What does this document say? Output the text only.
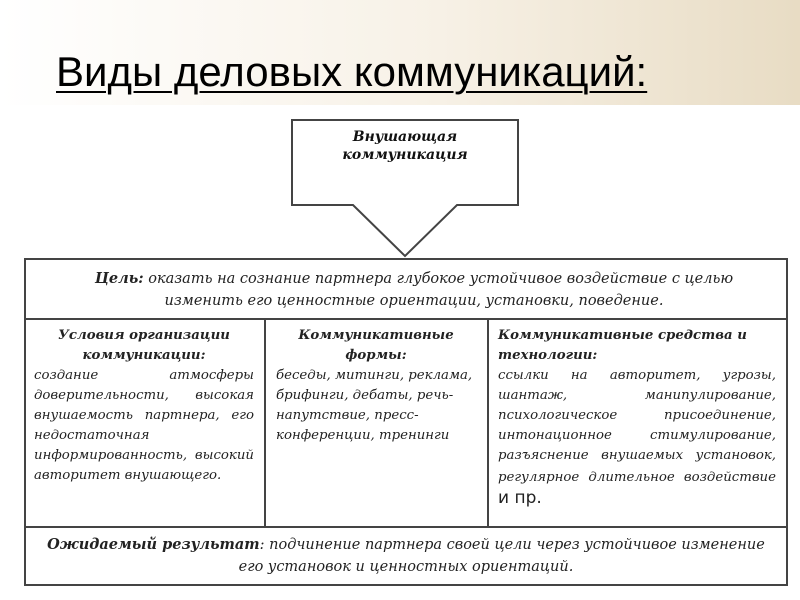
Виды деловых коммуникаций:
Внушающая
коммуникация
Цель: оказать на сознание партнера глубокое устойчивое воздействие с целью изменить его ценностные ориентации, установки, поведение.
Условия организации коммуникации:
создание атмосферы доверительности, высокая внушаемость партнера, его недостаточная информированность, высокий авторитет внушающего.
Коммуникативные формы:
беседы, митинги, реклама, брифинги, дебаты, речь-напутствие, пресс-конференции, тренинги
Коммуникативные средства и технологии:
ссылки на авторитет, угрозы, шантаж, манипулирование, психологическое присоединение, интонационное стимулирование, разъяснение внушаемых установок, регулярное длительное воздействие и пр.
Ожидаемый результат: подчинение партнера своей цели через устойчивое изменение его установок и ценностных ориентаций.
